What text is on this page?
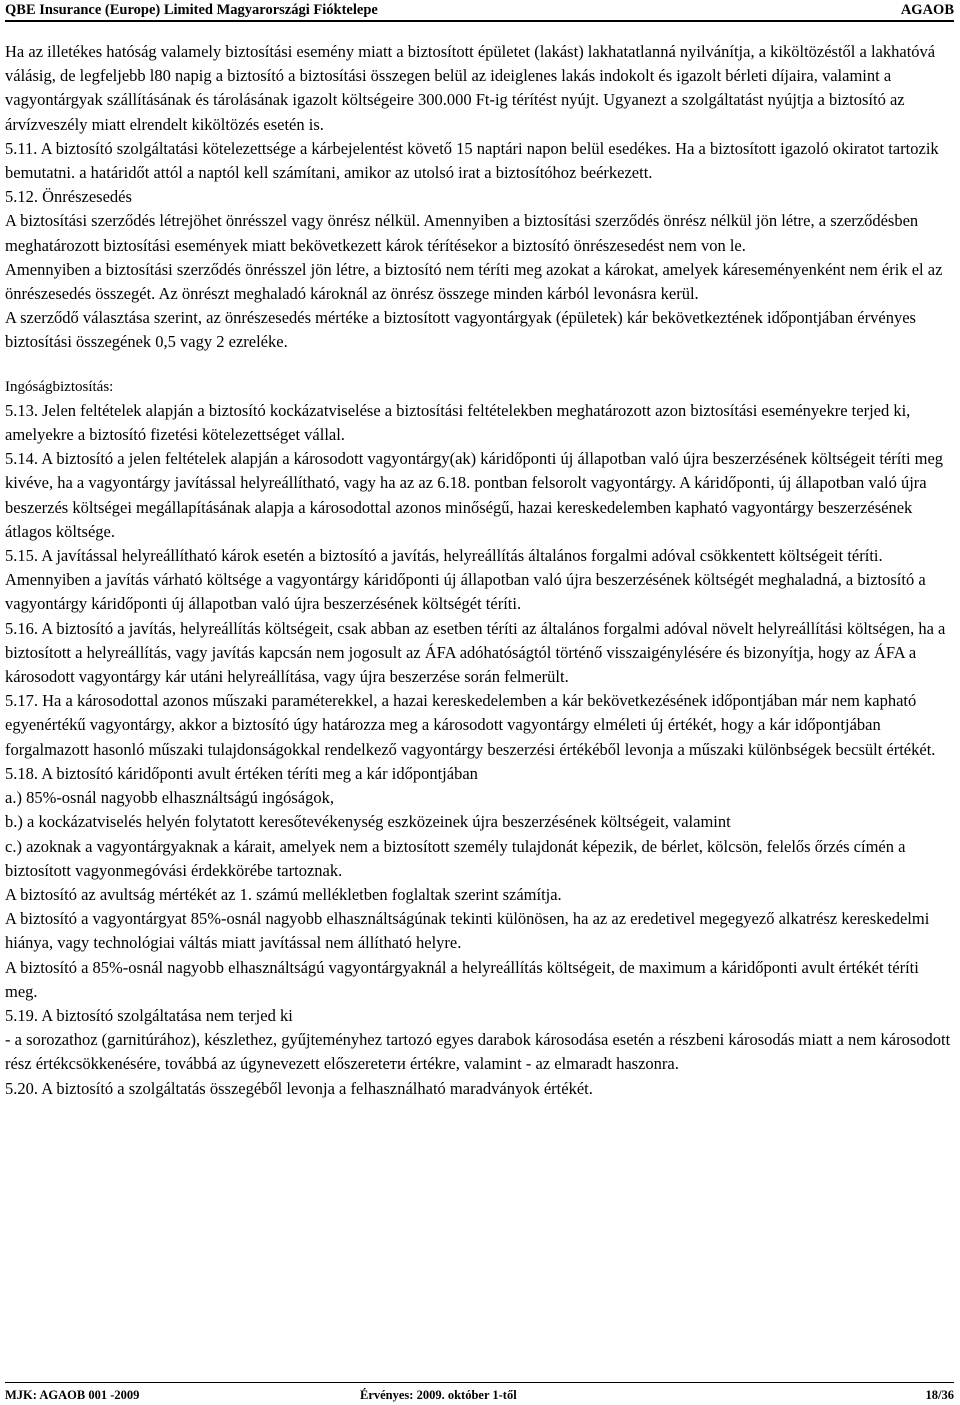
QBE Insurance (Europe) Limited Magyarországi Fióktelepe	AGAOB

Ha az illetékes hatóság valamely biztosítási esemény miatt a biztosított épületet (lakást) lakhatatlanná nyilvánítja, a kiköltözéstől a lakhatóvá válásig, de legfeljebb l80 napig a biztosító a biztosítási összegen belül az ideiglenes lakás indokolt és igazolt bérleti díjaira, valamint a vagyontárgyak szállításának és tárolásának igazolt költségeire 300.000 Ft-ig térítést nyújt. Ugyanezt a szolgáltatást nyújtja a biztosító az árvízveszély miatt elrendelt kiköltözés esetén is.

5.11. A biztosító szolgáltatási kötelezettsége a kárbejelentést követő 15 naptári napon belül esedékes. Ha a biztosított igazoló okiratot tartozik bemutatni. a határidőt attól a naptól kell számítani, amikor az utolsó irat a biztosítóhoz beérkezett.

5.12. Önrészesedés

A biztosítási szerződés létrejöhet önrésszel vagy önrész nélkül. Amennyiben a biztosítási szerződés önrész nélkül jön létre, a szerződésben meghatározott biztosítási események miatt bekövetkezett károk térítésekor a biztosító önrészesedést nem von le.

Amennyiben a biztosítási szerződés önrésszel jön létre, a biztosító nem téríti meg azokat a károkat, amelyek káreseményenként nem érik el az önrészesedés összegét. Az önrészt meghaladó károknál az önrész összege minden kárból levonásra kerül.

A szerződő választása szerint, az önrészesedés mértéke a biztosított vagyontárgyak (épületek) kár bekövetkeztének időpontjában érvényes biztosítási összegének 0,5 vagy 2 ezreléke.

Ingóságbiztosítás:

5.13. Jelen feltételek alapján a biztosító kockázatviselése a biztosítási feltételekben meghatározott azon biztosítási eseményekre terjed ki, amelyekre a biztosító fizetési kötelezettséget vállal.

5.14. A biztosító a jelen feltételek alapján a károsodott vagyontárgy(ak) káridőponti új állapotban való újra beszerzésének költségeit téríti meg kivéve, ha a vagyontárgy javítással helyreállítható, vagy ha az az 6.18. pontban felsorolt vagyontárgy. A káridőponti, új állapotban való újra beszerzés költségei megállapításának alapja a károsodottal azonos minőségű, hazai kereskedelemben kapható vagyontárgy beszerzésének átlagos költsége.

5.15. A javítással helyreállítható károk esetén a biztosító a javítás, helyreállítás általános forgalmi adóval csökkentett költségeit téríti. Amennyiben a javítás várható költsége a vagyontárgy káridőponti új állapotban való újra beszerzésének költségét meghaladná, a biztosító a vagyontárgy káridőponti új állapotban való újra beszerzésének költségét téríti.

5.16. A biztosító a javítás, helyreállítás költségeit, csak abban az esetben téríti az általános forgalmi adóval növelt helyreállítási költségen, ha a biztosított a helyreállítás, vagy javítás kapcsán nem jogosult az ÁFA adóhatóságtól történő visszaigénylésére és bizonyítja, hogy az ÁFA a károsodott vagyontárgy kár utáni helyreállítása, vagy újra beszerzése során felmerült.

5.17. Ha a károsodottal azonos műszaki paraméterekkel, a hazai kereskedelemben a kár bekövetkezésének időpontjában már nem kapható egyenértékű vagyontárgy, akkor a biztosító úgy határozza meg a károsodott vagyontárgy elméleti új értékét, hogy a kár időpontjában forgalmazott hasonló műszaki tulajdonságokkal rendelkező vagyontárgy beszerzési értékéből levonja a műszaki különbségek becsült értékét.

5.18. A biztosító káridőponti avult értéken téríti meg a kár időpontjában

a.) 85%-osnál nagyobb elhasználtságú ingóságok,

b.) a kockázatviselés helyén folytatott keresőtevékenység eszközeinek újra beszerzésének költségeit, valamint

c.) azoknak a vagyontárgyaknak a kárait, amelyek nem a biztosított személy tulajdonát képezik, de bérlet, kölcsön, felelős őrzés címén a biztosított vagyonmegóvási érdekkörébe tartoznak.

A biztosító az avultság mértékét az 1. számú mellékletben foglaltak szerint számítja.

A biztosító a vagyontárgyat 85%-osnál nagyobb elhasználtságúnak tekinti különösen, ha az az eredetivel megegyező alkatrész kereskedelmi hiánya, vagy technológiai váltás miatt javítással nem állítható helyre.

A biztosító a 85%-osnál nagyobb elhasználtságú vagyontárgyaknál a helyreállítás költségeit, de maximum a káridőponti avult értékét téríti meg.

5.19. A biztosító szolgáltatása nem terjed ki

- a sorozathoz (garnitúrához), készlethez, gyűjteményhez tartozó egyes darabok károsodása esetén a részbeni károsodás miatt a nem károsodott rész értékcsökkenésére, továbbá az úgynevezett előszeretети értékre, valamint - az elmaradt haszonra.

5.20. A biztosító a szolgáltatás összegéből levonja a felhasználható maradványok értékét.

MJK: AGAOB 001 -2009	Érvényes: 2009. október 1-től	18/36
